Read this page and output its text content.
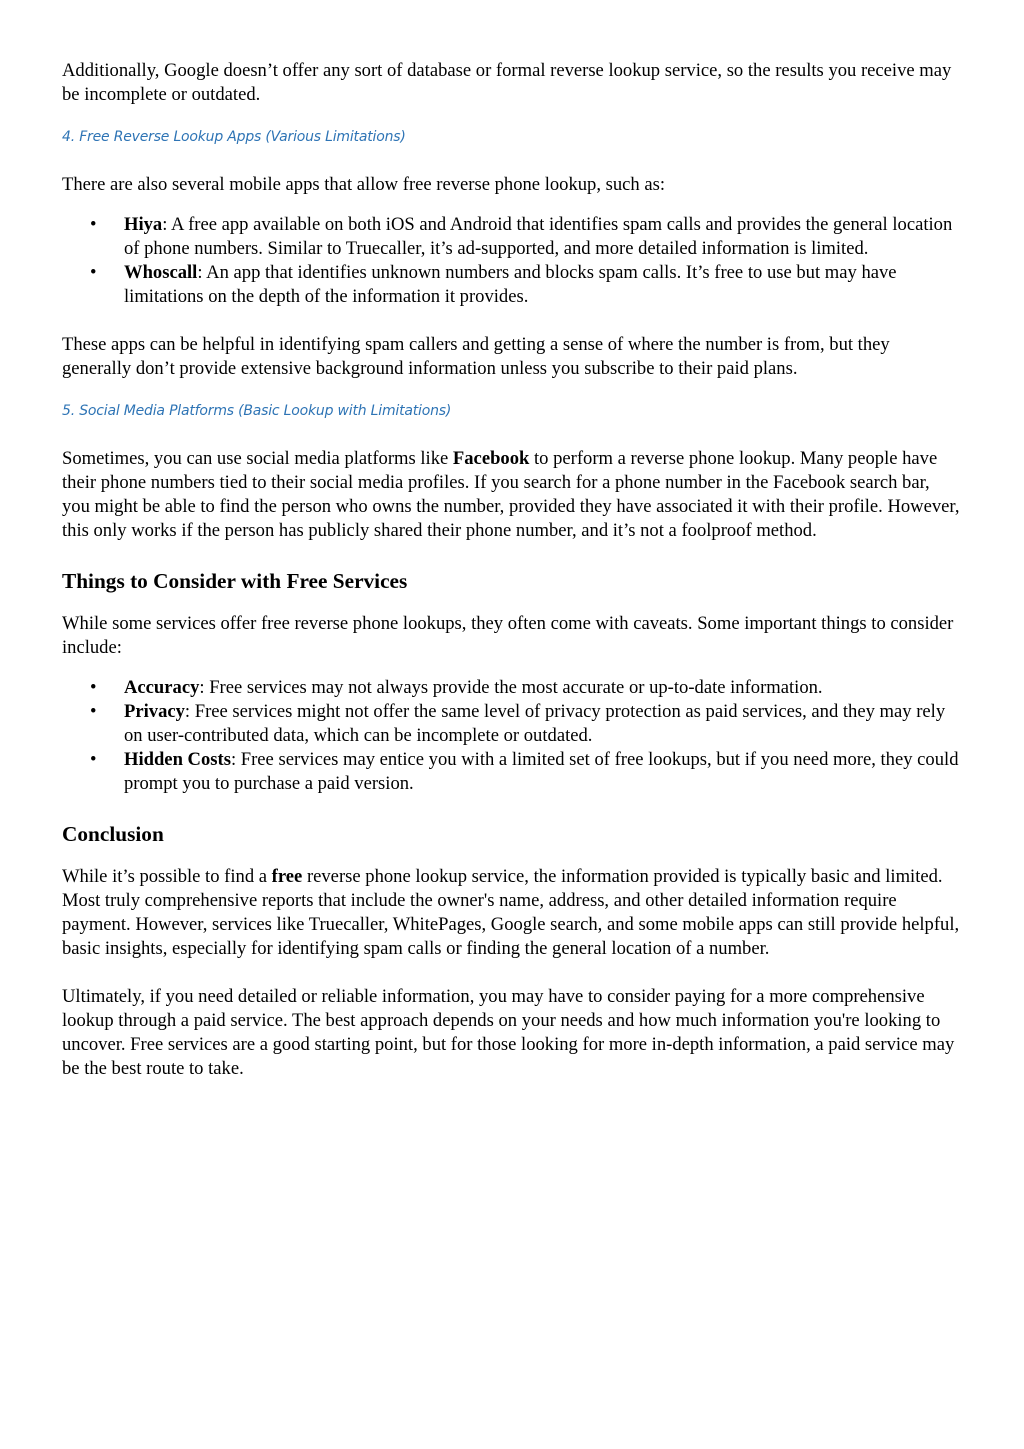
Additionally, Google doesn’t offer any sort of database or formal reverse lookup service, so the results you receive may be incomplete or outdated.

4. Free Reverse Lookup Apps (Various Limitations)

There are also several mobile apps that allow free reverse phone lookup, such as:

• Hiya: A free app available on both iOS and Android that identifies spam calls and provides the general location of phone numbers. Similar to Truecaller, it’s ad-supported, and more detailed information is limited.
• Whoscall: An app that identifies unknown numbers and blocks spam calls. It’s free to use but may have limitations on the depth of the information it provides.

These apps can be helpful in identifying spam callers and getting a sense of where the number is from, but they generally don’t provide extensive background information unless you subscribe to their paid plans.

5. Social Media Platforms (Basic Lookup with Limitations)

Sometimes, you can use social media platforms like Facebook to perform a reverse phone lookup. Many people have their phone numbers tied to their social media profiles. If you search for a phone number in the Facebook search bar, you might be able to find the person who owns the number, provided they have associated it with their profile. However, this only works if the person has publicly shared their phone number, and it’s not a foolproof method.

Things to Consider with Free Services

While some services offer free reverse phone lookups, they often come with caveats. Some important things to consider include:

• Accuracy: Free services may not always provide the most accurate or up-to-date information.
• Privacy: Free services might not offer the same level of privacy protection as paid services, and they may rely on user-contributed data, which can be incomplete or outdated.
• Hidden Costs: Free services may entice you with a limited set of free lookups, but if you need more, they could prompt you to purchase a paid version.
Conclusion

While it’s possible to find a free reverse phone lookup service, the information provided is typically basic and limited. Most truly comprehensive reports that include the owner's name, address, and other detailed information require payment. However, services like Truecaller, WhitePages, Google search, and some mobile apps can still provide helpful, basic insights, especially for identifying spam calls or finding the general location of a number.

Ultimately, if you need detailed or reliable information, you may have to consider paying for a more comprehensive lookup through a paid service. The best approach depends on your needs and how much information you're looking to uncover. Free services are a good starting point, but for those looking for more in-depth information, a paid service may be the best route to take.
